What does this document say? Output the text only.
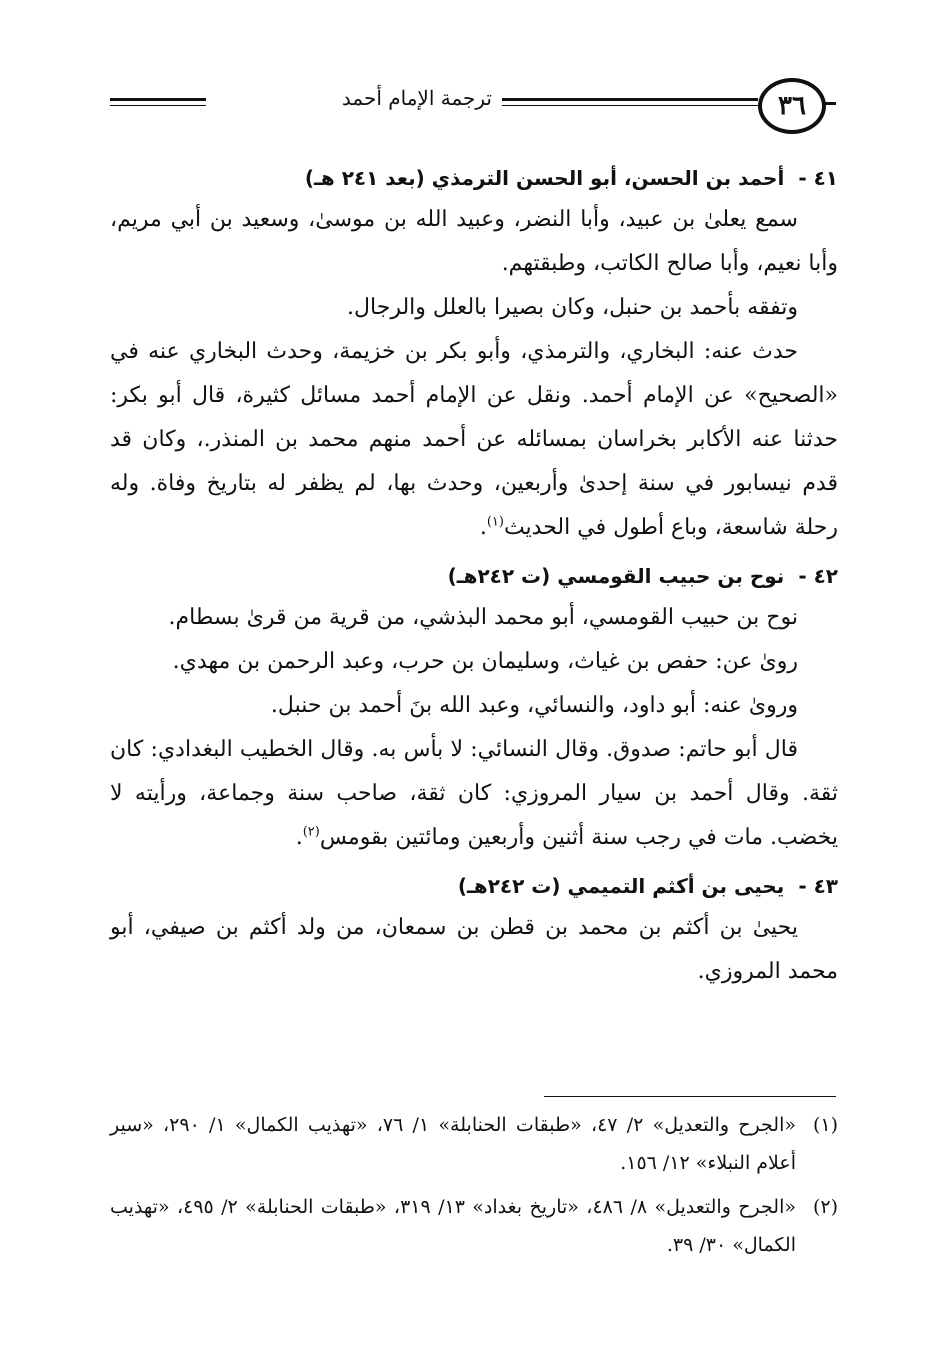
٣٦
ترجمة الإمام أحمد
٤١ -أحمد بن الحسن، أبو الحسن الترمذي (بعد ٢٤١ هـ)
سمع يعلىٰ بن عبيد، وأبا النضر، وعبيد الله بن موسىٰ، وسعيد بن أبي مريم، وأبا نعيم، وأبا صالح الكاتب، وطبقتهم.
وتفقه بأحمد بن حنبل، وكان بصيرا بالعلل والرجال.
حدث عنه: البخاري، والترمذي، وأبو بكر بن خزيمة، وحدث البخاري عنه في «الصحيح» عن الإمام أحمد. ونقل عن الإمام أحمد مسائل كثيرة، قال أبو بكر: حدثنا عنه الأكابر بخراسان بمسائله عن أحمد منهم محمد بن المنذر.، وكان قد قدم نيسابور في سنة إحدىٰ وأربعين، وحدث بها، لم يظفر له بتاريخ وفاة. وله رحلة شاسعة، وباع أطول في الحديث$^{(١)}$.
٤٢ -نوح بن حبيب القومسي (ت ٢٤٢هـ)
نوح بن حبيب القومسي، أبو محمد البذشي، من قرية من قرىٰ بسطام.
روىٰ عن: حفص بن غياث، وسليمان بن حرب، وعبد الرحمن بن مهدي.
وروىٰ عنه: أبو داود، والنسائي، وعبد الله بنَ أحمد بن حنبل.
قال أبو حاتم: صدوق. وقال النسائي: لا بأس به. وقال الخطيب البغدادي: كان ثقة. وقال أحمد بن سيار المروزي: كان ثقة، صاحب سنة وجماعة، ورأيته لا يخضب. مات في رجب سنة أثنين وأربعين ومائتين بقومس$^{(٢)}$.
٤٣ -يحيى بن أكثم التميمي (ت ٢٤٢هـ)
يحيىٰ بن أكثم بن محمد بن قطن بن سمعان، من ولد أكثم بن صيفي، أبو محمد المروزي.
(١)
«الجرح والتعديل» ٢/ ٤٧، «طبقات الحنابلة» ١/ ٧٦، «تهذيب الكمال» ١/ ٢٩٠، «سير أعلام النبلاء» ١٢/ ١٥٦.
(٢)
«الجرح والتعديل» ٨/ ٤٨٦، «تاريخ بغداد» ١٣/ ٣١٩، «طبقات الحنابلة» ٢/ ٤٩٥، «تهذيب الكمال» ٣٠/ ٣٩.
